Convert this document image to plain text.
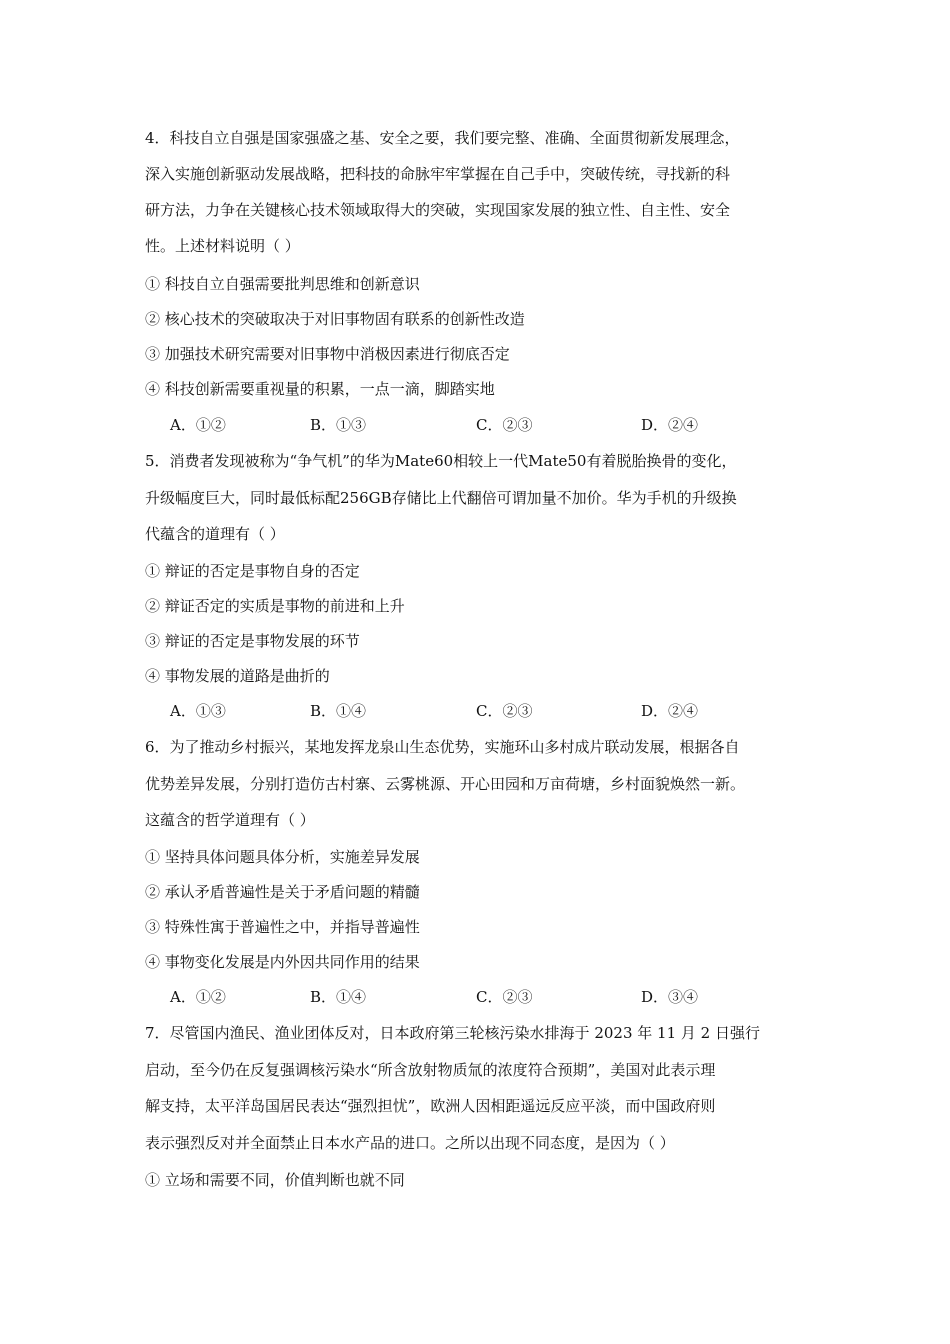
4．科技自立自强是国家强盛之基、安全之要，我们要完整、准确、全面贯彻新发展理念，
深入实施创新驱动发展战略，把科技的命脉牢牢掌握在自己手中，突破传统，寻找新的科
研方法，力争在关键核心技术领域取得大的突破，实现国家发展的独立性、自主性、安全
性。上述材料说明（ ）
① 科技自立自强需要批判思维和创新意识
② 核心技术的突破取决于对旧事物固有联系的创新性改造
③ 加强技术研究需要对旧事物中消极因素进行彻底否定
④ 科技创新需要重视量的积累，一点一滴，脚踏实地
A．①②	B．①③	C．②③	D．②④
5．消费者发现被称为“争气机”的华为Mate60相较上一代Mate50有着脱胎换骨的变化，
升级幅度巨大，同时最低标配256GB存储比上代翻倍可谓加量不加价。华为手机的升级换
代蕴含的道理有（ ）
① 辩证的否定是事物自身的否定
② 辩证否定的实质是事物的前进和上升
③ 辩证的否定是事物发展的环节
④ 事物发展的道路是曲折的
A．①③	B．①④	C．②③	D．②④
6．为了推动乡村振兴，某地发挥龙泉山生态优势，实施环山多村成片联动发展，根据各自
优势差异发展，分别打造仿古村寨、云雾桃源、开心田园和万亩荷塘，乡村面貌焕然一新。
这蕴含的哲学道理有（ ）
① 坚持具体问题具体分析，实施差异发展
② 承认矛盾普遍性是关于矛盾问题的精髓
③ 特殊性寓于普遍性之中，并指导普遍性
④ 事物变化发展是内外因共同作用的结果
A．①②	B．①④	C．②③	D．③④
7．尽管国内渔民、渔业团体反对，日本政府第三轮核污染水排海于 2023 年 11 月 2 日强行
启动，至今仍在反复强调核污染水“所含放射物质氚的浓度符合预期”，美国对此表示理
解支持，太平洋岛国居民表达“强烈担忧”，欧洲人因相距遥远反应平淡，而中国政府则
表示强烈反对并全面禁止日本水产品的进口。之所以出现不同态度，是因为（ ）
① 立场和需要不同，价值判断也就不同
